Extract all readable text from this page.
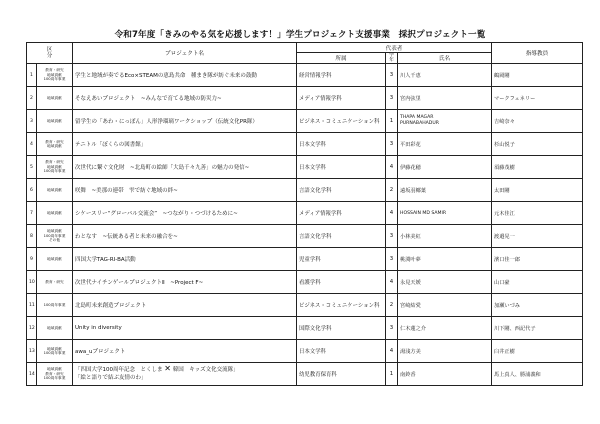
令和7年度「きみのやる気を応援します！」学生プロジェクト支援事業　採択プロジェクト一覧
区
分		プロジェクト名	代表者			指導教員
			所属	学
年	氏名	
1	教育・研究
地域貢献
100周年事業	学生と地域が奏でるEco×STEAMの恵島共命　種まき隊が紡ぐ未来の鼓動	経営情報学科	3	川人千恵	鶴岡剛
2	地域貢献	そなえあいプロジェクト　~みんなで育てる地域の防災力~	メディア情報学科	3	宮内弦里	マークフェネリー
3	地域貢献	留学生の「あわ・にっぽん」人形浄瑠璃ワークショップ（伝統文化PR隊）	ビジネス・コミュニケーション科	1	THAPA MAGAR
PURNABAHADUR	吉崎奈々
4	教育・研究
地域貢献	テニトル「ぼくらの図書館」	日本文学科	3	平田彩花	杉山悦子
5	教育・研究
地域貢献
100周年事業	次世代に繋ぐ文化財　~北島町の絵師「大島千々九善」の魅力の発信~	日本文学科	4	伊藤花穂	須藤茂樹
6	地域貢献	咲舞　~美那の連帯　雫で紡ぐ地域の絆~	言語文化学科	2	遠坂羽椰葉	太田剛
7	地域貢献	シケースリー“グローバル交流会”　~つながり・つづけるために~	メディア情報学科	4	HOSSAIN MD SAMIR	元木佳江
8	地域貢献
100周年事業
その他	わとなす　~伝統ある者と未来の融合を~	言語文化学科	3	小林美紅	渡邉晃一
9	地域貢献	四国大学TAG-RI-BA活動	児童学科	3	桃渕叶夢	濱口佳一郎
10	教育・研究	次世代ナイチンゲールプロジェクトⅡ　~Project F~	看護学科	4	永見天媛	山口豪
11	100周年事業	北島町未来創造プロジェクト	ビジネス・コミュニケーション科	2	宮崎結愛	加瀬いづみ
12	地域貢献	Unity in diversity	国際文化学科	3	仁木蓮之介	川下剛、西記代子
13	地域貢献
100周年事業	awa_uプロジェクト	日本文学科	4	湯浅方美	臼井正樹
14	地域貢献
教育・研究
100周年事業	「四国大学100周年記念　とくしま ✕ 韓国　キッズ文化交流隊」
「絵と語りで結ぶ友情のわ」	幼児教育保育科	1	南鈴香	馬上真人、勝浦義和
